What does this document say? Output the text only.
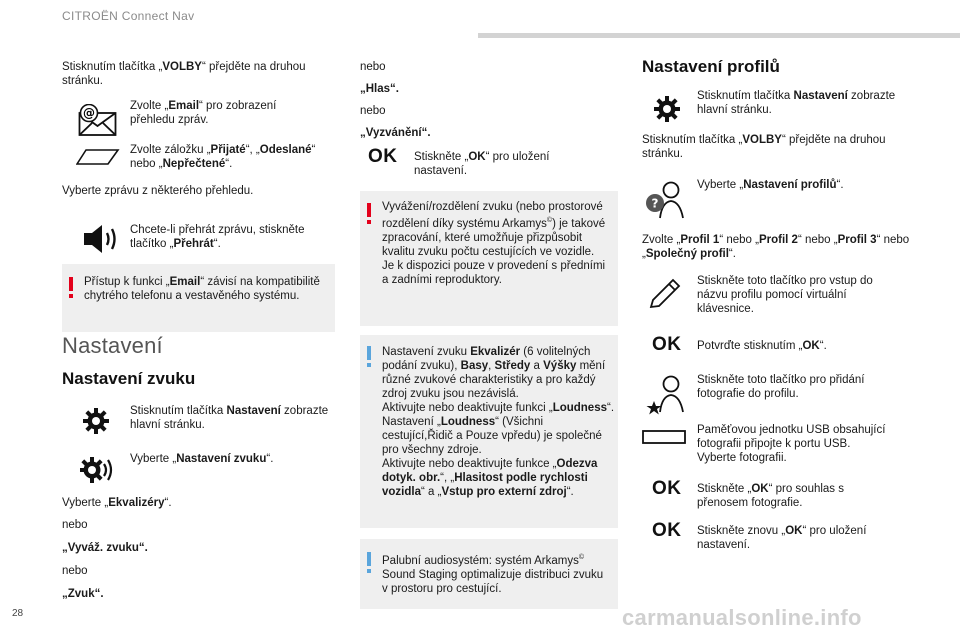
CITROËN Connect Nav
Stisknutím tlačítka „VOLBY“ přejděte na druhou stránku.
@	Zvolte „Email“ pro zobrazení přehledu zpráv.
Zvolte záložku „Přijaté“, „Odeslané“ nebo „Nepřečtené“.
Vyberte zprávu z některého přehledu.
Chcete-li přehrát zprávu, stiskněte tlačítko „Přehrát“.
Přístup k funkci „Email“ závisí na kompatibilitě chytrého telefonu a vestavěného systému.
Nastavení
Nastavení zvuku
Stisknutím tlačítka Nastavení zobrazte hlavní stránku.
Vyberte „Nastavení zvuku“.
Vyberte „Ekvalizéry“.
nebo
„Vyváž. zvuku“.
nebo
„Zvuk“.
nebo
„Hlas“.
nebo
„Vyzvánění“.
OK Stiskněte „OK“ pro uložení nastavení.
Vyvážení/rozdělení zvuku (nebo prostorové rozdělení díky systému Arkamys©) je takové zpracování, které umožňuje přizpůsobit kvalitu zvuku počtu cestujících ve vozidle.
Je k dispozici pouze v provedení s předními a zadními reproduktory.
Nastavení zvuku Ekvalizér (6 volitelných podání zvuku), Basy, Středy a Výšky mění různé zvukové charakteristiky a pro každý zdroj zvuku jsou nezávislá.
Aktivujte nebo deaktivujte funkci „Loudness“.
Nastavení „Loudness“ (Všichni cestující,Řidič a Pouze vpředu) je společné pro všechny zdroje.
Aktivujte nebo deaktivujte funkce „Odezva dotyk. obr.“, „Hlasitost podle rychlosti vozidla“ a „Vstup pro externí zdroj“.
Palubní audiosystém: systém Arkamys© Sound Staging optimalizuje distribuci zvuku v prostoru pro cestující.
Nastavení profilů
Stisknutím tlačítka Nastavení zobrazte hlavní stránku.
Stisknutím tlačítka „VOLBY“ přejděte na druhou stránku.
?
Vyberte „Nastavení profilů“.
Zvolte „Profil 1“ nebo „Profil 2“ nebo „Profil 3“ nebo „Společný profil“.
Stiskněte toto tlačítko pro vstup do názvu profilu pomocí virtuální klávesnice.
OK Potvrďte stisknutím „OK“.
Stiskněte toto tlačítko pro přidání fotografie do profilu.
Paměťovou jednotku USB obsahující fotografii připojte k portu USB.
Vyberte fotografii.
OK Stiskněte „OK“ pro souhlas s přenosem fotografie.
OK Stiskněte znovu „OK“ pro uložení nastavení.
28	carmanualsonline.info
